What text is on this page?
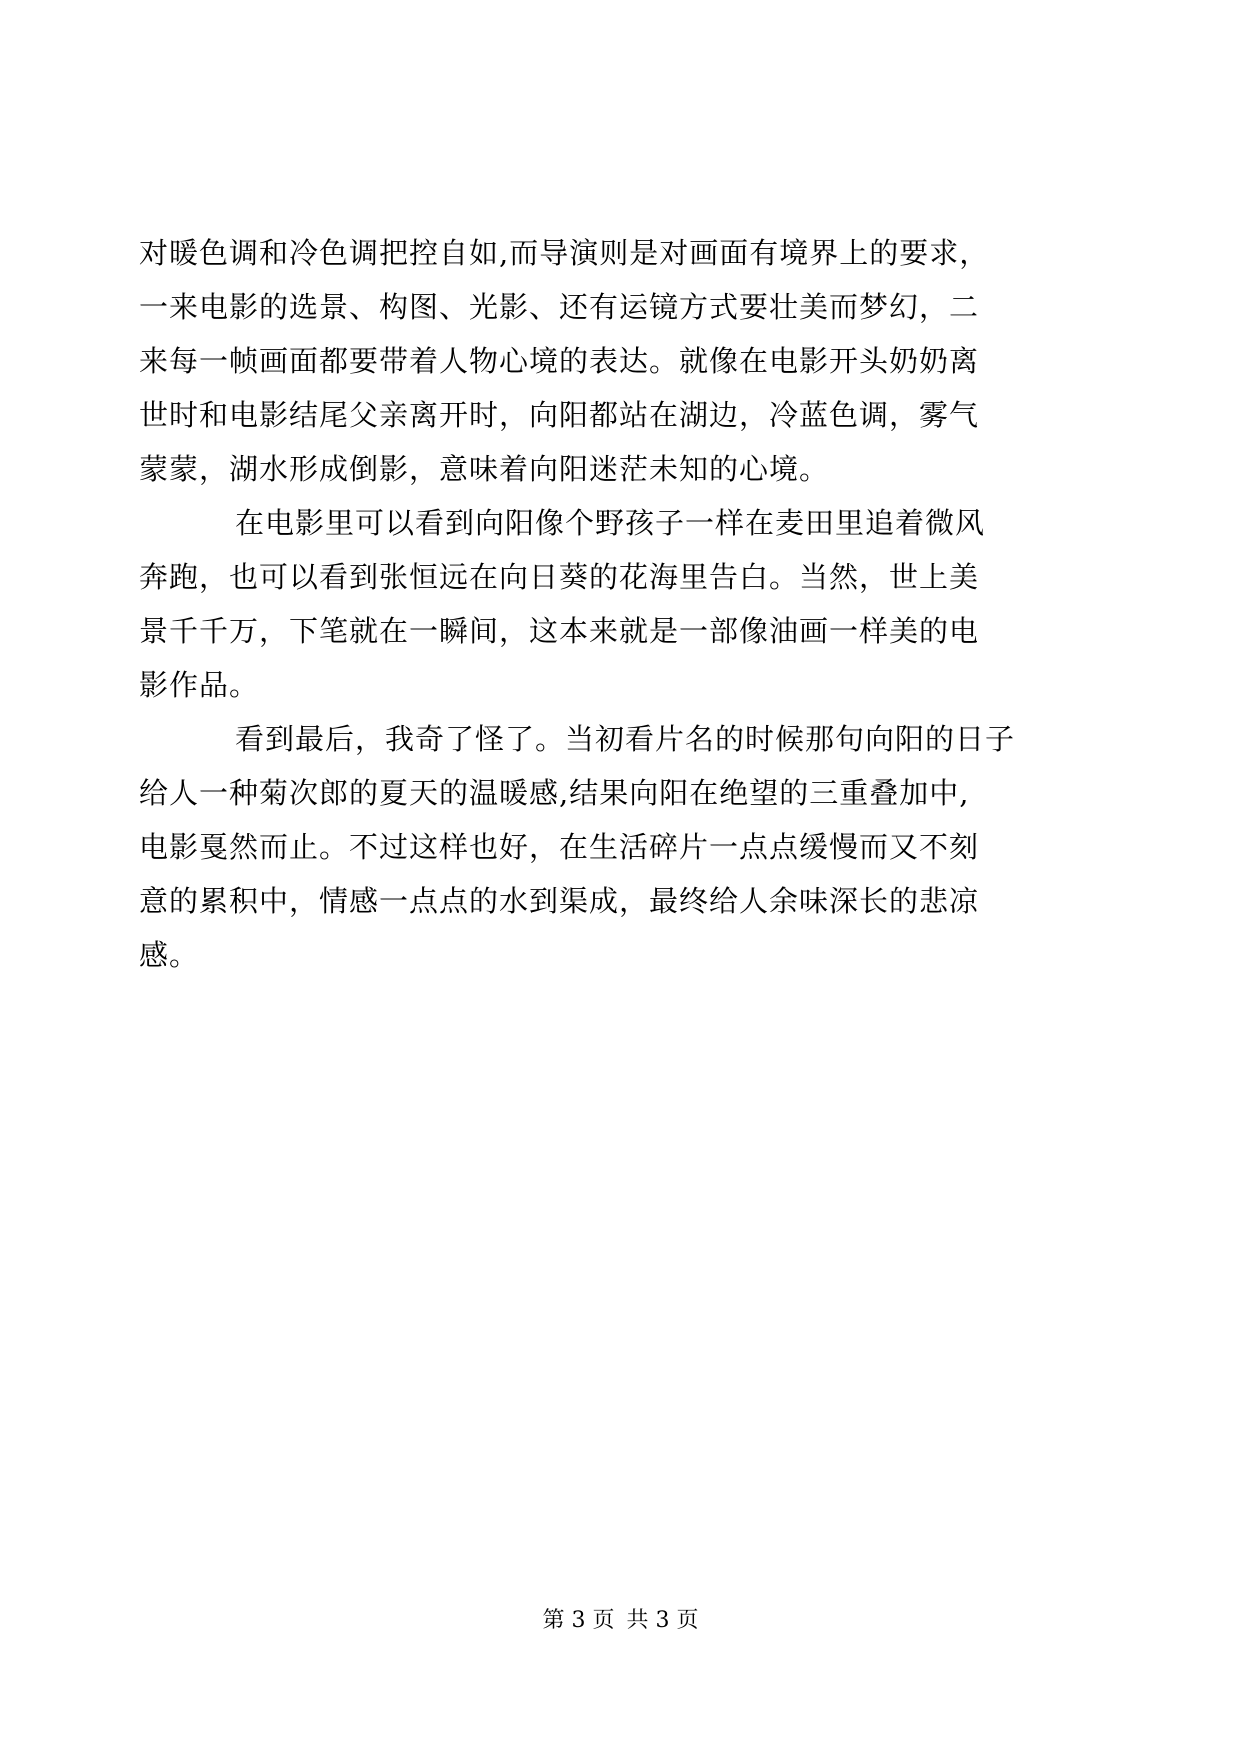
对暖色调和冷色调把控自如,而导演则是对画面有境界上的要求，
一来电影的选景、构图、光影、还有运镜方式要壮美而梦幻，二
来每一帧画面都要带着人物心境的表达。就像在电影开头奶奶离
世时和电影结尾父亲离开时，向阳都站在湖边，冷蓝色调，雾气
蒙蒙，湖水形成倒影，意味着向阳迷茫未知的心境。
在电影里可以看到向阳像个野孩子一样在麦田里追着微风
奔跑，也可以看到张恒远在向日葵的花海里告白。当然，世上美
景千千万，下笔就在一瞬间，这本来就是一部像油画一样美的电
影作品。
看到最后，我奇了怪了。当初看片名的时候那句向阳的日子
给人一种菊次郎的夏天的温暖感,结果向阳在绝望的三重叠加中,
电影戛然而止。不过这样也好，在生活碎片一点点缓慢而又不刻
意的累积中，情感一点点的水到渠成，最终给人余味深长的悲凉
感。
第 3 页 共 3 页
